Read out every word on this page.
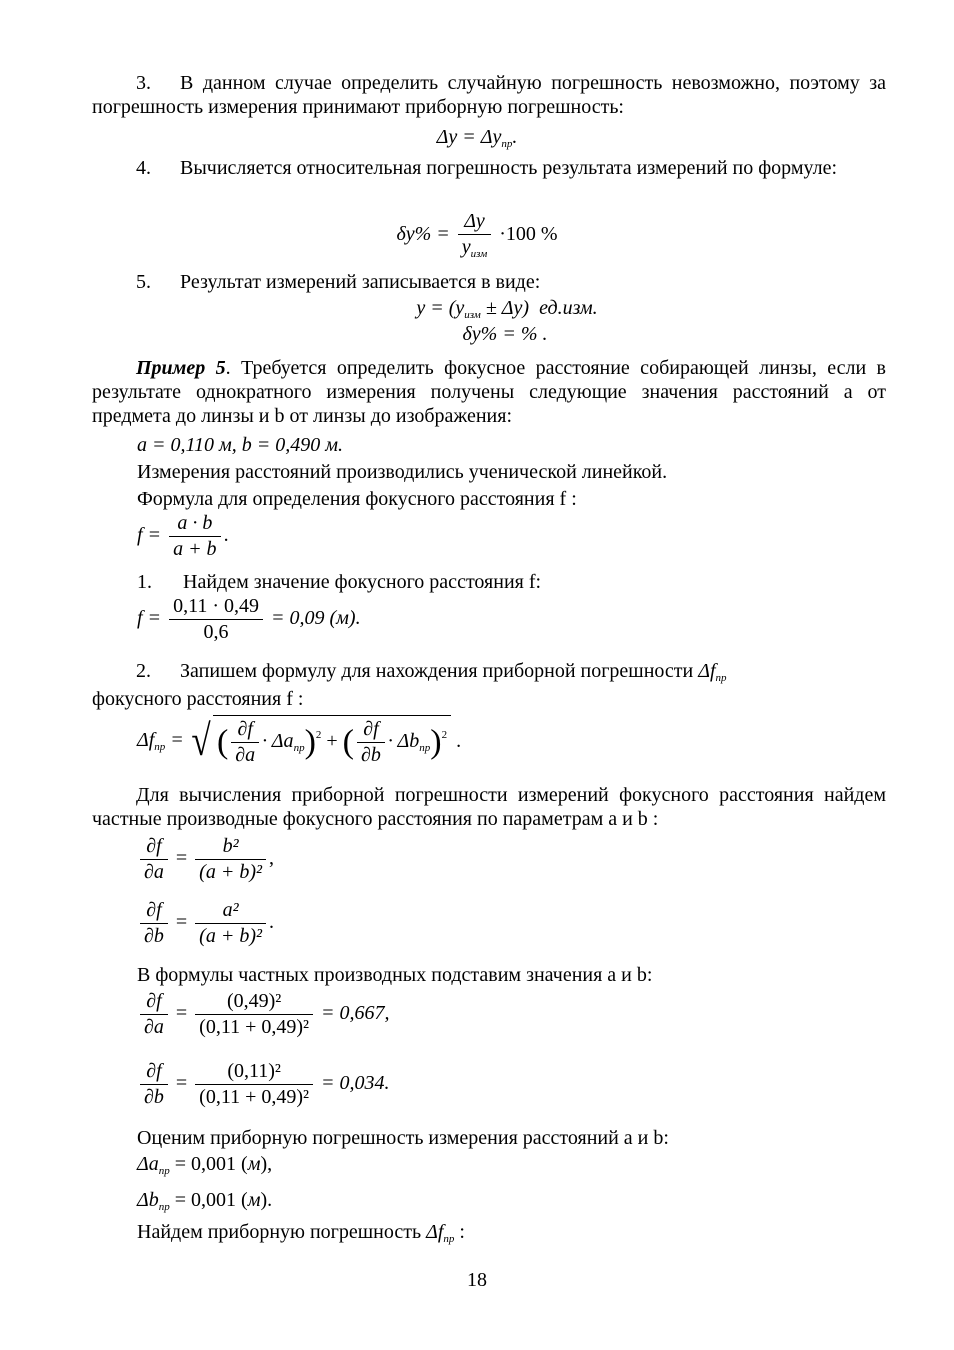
3. В данном случае определить случайную погрешность невозможно, поэтому за погрешность измерения принимают приборную погрешность:
$\Delta y = \Delta y_{пр}$.
4. Вычисляется относительная погрешность результата измерений по формуле:
$\delta y\% = \frac{\Delta y}{y_{изм}} \cdot 100$ %
5. Результат измерений записывается в виде:
$y = (y_{изм} \pm \Delta y)$ ед.изм.
δy% = % .
Пример 5. Требуется определить фокусное расстояние собирающей линзы, если в результате однократного измерения получены следующие значения расстояний a от предмета до линзы и b от линзы до изображения:
a = 0,110 м, b = 0,490 м.
Измерения расстояний производились ученической линейкой.
Формула для определения фокусного расстояния f :
$f = \frac{a \cdot b}{a + b}$ .
1. Найдем значение фокусного расстояния f:
$f = \frac{0,11 \cdot 0,49}{0,6} = 0,09$ (м).
2. Запишем формулу для нахождения приборной погрешности $\Delta f_{пр}$
фокусного расстояния f :
$\Delta f_{пр}$ = √ ( $\frac{\partial f}{\partial a} \cdot \Delta a_{пр})^2$ + ( $\frac{\partial f}{\partial b} \cdot \Delta b_{пр})^2$ .
Для вычисления приборной погрешности измерений фокусного расстояния найдем частные производные фокусного расстояния по параметрам a и b :
$\frac{\partial f}{\partial a} = \frac{\text{b²}}{\text{(a + b)²}}$ ,
$\frac{\partial f}{\partial b} = \frac{\text{a²}}{\text{(a + b)²}}$ .
В формулы частных производных подставим значения a и b:
$\frac{\partial f}{\partial a} = \frac{\text{(0,49)²}}{\text{(0,11 + 0,49)²}} = 0,667$,
$\frac{\partial f}{\partial b} = \frac{\text{(0,11)²}}{\text{(0,11 + 0,49)²}} = 0,034$.
Оценим приборную погрешность измерения расстояний a и b:
$\Delta a_{пр} = 0,001$ (м),
$\Delta b_{пр} = 0,001$ (м).
Найдем приборную погрешность $\Delta f_{пр}$ :
18
